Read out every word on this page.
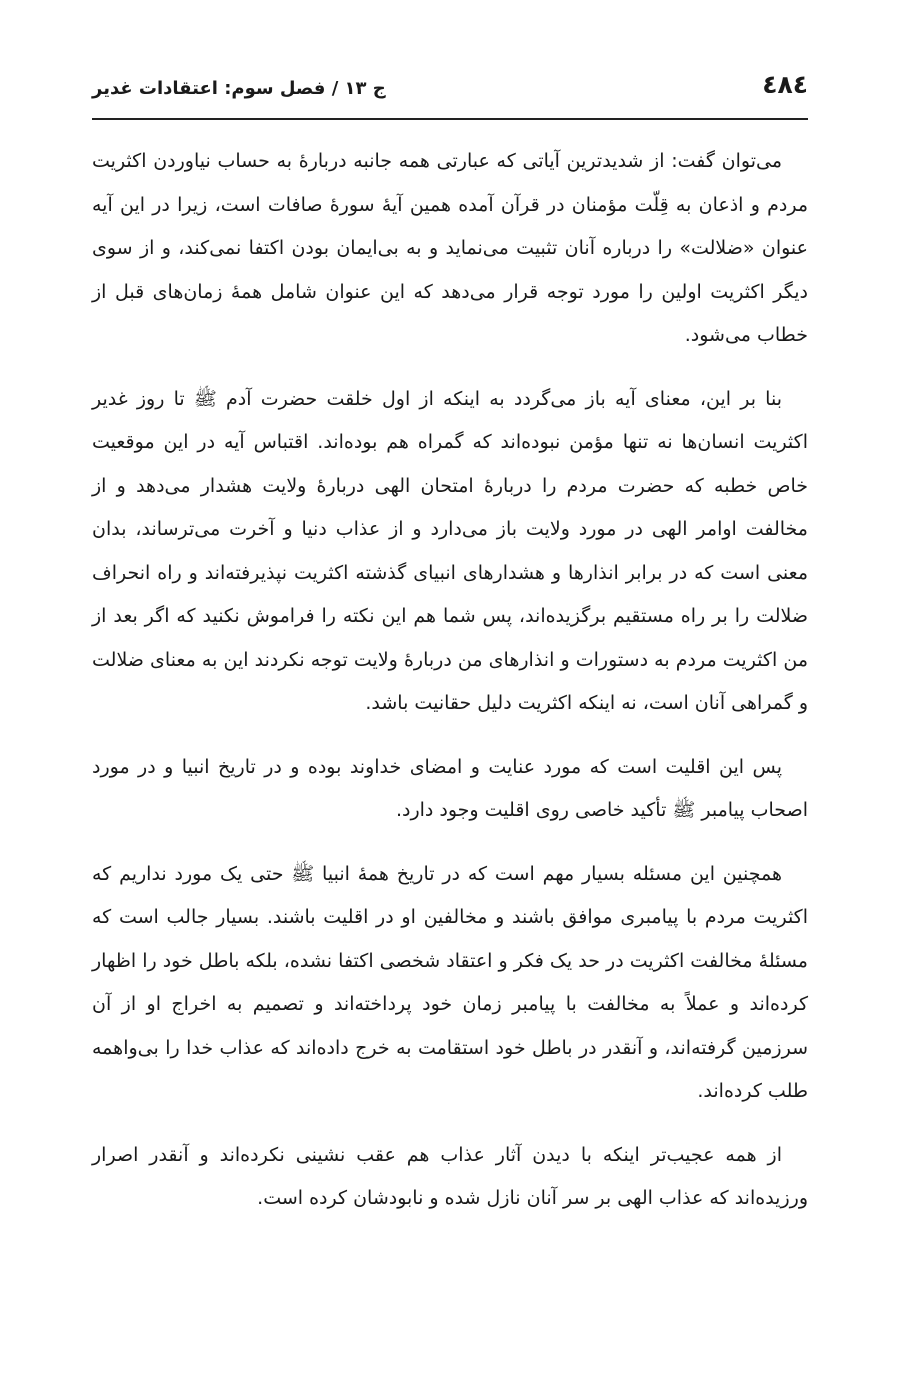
٤٨٤
ج ١٣ / فصل سوم: اعتقادات غدیر

می‌توان گفت: از شدیدترین آیاتی که عبارتی همه جانبه دربارۀ به حساب نیاوردن اکثریت مردم و اذعان به قِلّت مؤمنان در قرآن آمده همین آیۀ سورۀ صافات است، زیرا در این آیه عنوان «ضلالت» را درباره آنان تثبیت می‌نماید و به بی‌ایمان بودن اکتفا نمی‌کند، و از سوی دیگر اکثریت اولین را مورد توجه قرار می‌دهد که این عنوان شامل همۀ زمان‌های قبل از خطاب می‌شود.

بنا بر این، معنای آیه باز می‌گردد به اینکه از اول خلقت حضرت آدم ﷺ تا روز غدیر اکثریت انسان‌ها نه تنها مؤمن نبوده‌اند که گمراه هم بوده‌اند. اقتباس آیه در این موقعیت خاص خطبه که حضرت مردم را دربارۀ امتحان الهی دربارۀ ولایت هشدار می‌دهد و از مخالفت اوامر الهی در مورد ولایت باز می‌دارد و از عذاب دنیا و آخرت می‌ترساند، بدان معنی است که در برابر انذارها و هشدارهای انبیای گذشته اکثریت نپذیرفته‌اند و راه انحراف ضلالت را بر راه مستقیم برگزیده‌اند، پس شما هم این نکته را فراموش نکنید که اگر بعد از من اکثریت مردم به دستورات و انذارهای من دربارۀ ولایت توجه نکردند این به معنای ضلالت و گمراهی آنان است، نه اینکه اکثریت دلیل حقانیت باشد.

پس این اقلیت است که مورد عنایت و امضای خداوند بوده و در تاریخ انبیا و در مورد اصحاب پیامبر ﷺ تأکید خاصی روی اقلیت وجود دارد.

همچنین این مسئله بسیار مهم است که در تاریخ همۀ انبیا ﷺ حتی یک مورد نداریم که اکثریت مردم با پیامبری موافق باشند و مخالفین او در اقلیت باشند. بسیار جالب است که مسئلۀ مخالفت اکثریت در حد یک فکر و اعتقاد شخصی اکتفا نشده، بلکه باطل خود را اظهار کرده‌اند و عملاً به مخالفت با پیامبر زمان خود پرداخته‌اند و تصمیم به اخراج او از آن سرزمین گرفته‌اند، و آنقدر در باطل خود استقامت به خرج داده‌اند که عذاب خدا را بی‌واهمه طلب کرده‌اند.

از همه عجیب‌تر اینکه با دیدن آثار عذاب هم عقب نشینی نکرده‌اند و آنقدر اصرار ورزیده‌اند که عذاب الهی بر سر آنان نازل شده و نابودشان کرده است.
